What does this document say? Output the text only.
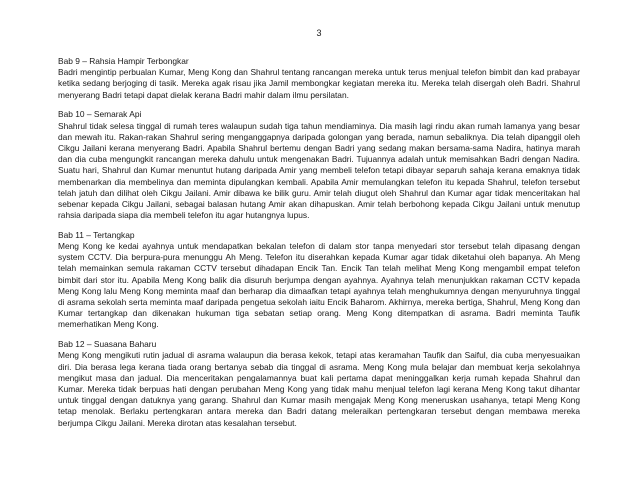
3
Bab 9 – Rahsia Hampir Terbongkar

Badri mengintip perbualan Kumar, Meng Kong dan Shahrul tentang rancangan mereka untuk terus menjual telefon bimbit dan kad prabayar ketika sedang berjoging di tasik. Mereka agak risau jika Jamil membongkar kegiatan mereka itu. Mereka telah disergah oleh Badri. Shahrul menyerang Badri tetapi dapat dielak kerana Badri mahir dalam ilmu persilatan.

Bab 10 – Semarak Api

Shahrul tidak selesa tinggal di rumah teres walaupun sudah tiga tahun mendiaminya. Dia masih lagi rindu akan rumah lamanya yang besar dan mewah itu. Rakan-rakan Shahrul sering menganggapnya daripada golongan yang berada, namun sebaliknya. Dia telah dipanggil oleh Cikgu Jailani kerana menyerang Badri. Apabila Shahrul bertemu dengan Badri yang sedang makan bersama-sama Nadira, hatinya marah dan dia cuba mengungkit rancangan mereka dahulu untuk mengenakan Badri. Tujuannya adalah untuk memisahkan Badri dengan Nadira. Suatu hari, Shahrul dan Kumar menuntut hutang daripada Amir yang membeli telefon tetapi dibayar separuh sahaja kerana emaknya tidak membenarkan dia membelinya dan meminta dipulangkan kembali. Apabila Amir memulangkan telefon itu kepada Shahrul, telefon tersebut telah jatuh dan dilihat oleh Cikgu Jailani. Amir dibawa ke bilik guru. Amir telah diugut oleh Shahrul dan Kumar agar tidak menceritakan hal sebenar kepada Cikgu Jailani, sebagai balasan hutang Amir akan dihapuskan. Amir telah berbohong kepada Cikgu Jailani untuk menutup rahsia daripada siapa dia membeli telefon itu agar hutangnya lupus.

Bab 11 – Tertangkap

Meng Kong ke kedai ayahnya untuk mendapatkan bekalan telefon di dalam stor tanpa menyedari stor tersebut telah dipasang dengan system CCTV. Dia berpura-pura menunggu Ah Meng. Telefon itu diserahkan kepada Kumar agar tidak diketahui oleh bapanya. Ah Meng telah memainkan semula rakaman CCTV tersebut dihadapan Encik Tan. Encik Tan telah melihat Meng Kong mengambil empat telefon bimbit dari stor itu. Apabila Meng Kong balik dia disuruh berjumpa dengan ayahnya. Ayahnya telah menunjukkan rakaman CCTV kepada Meng Kong lalu Meng Kong meminta maaf dan berharap dia dimaafkan tetapi ayahnya telah menghukumnya dengan menyuruhnya tinggal di asrama sekolah serta meminta maaf daripada pengetua sekolah iaitu Encik Baharom. Akhirnya, mereka bertiga, Shahrul, Meng Kong dan Kumar tertangkap dan dikenakan hukuman tiga sebatan setiap orang. Meng Kong ditempatkan di asrama. Badri meminta Taufik memerhatikan Meng Kong.

Bab 12 – Suasana Baharu

Meng Kong mengikuti rutin jadual di asrama walaupun dia berasa kekok, tetapi atas keramahan Taufik dan Saiful, dia cuba menyesuaikan diri. Dia berasa lega kerana tiada orang bertanya sebab dia tinggal di asrama. Meng Kong mula belajar dan membuat kerja sekolahnya mengikut masa dan jadual. Dia menceritakan pengalamannya buat kali pertama dapat meninggalkan kerja rumah kepada Shahrul dan Kumar. Mereka tidak berpuas hati dengan perubahan Meng Kong yang tidak mahu menjual telefon lagi kerana Meng Kong takut dihantar untuk tinggal dengan datuknya yang garang. Shahrul dan Kumar masih mengajak Meng Kong meneruskan usahanya, tetapi Meng Kong tetap menolak. Berlaku pertengkaran antara mereka dan Badri datang meleraikan pertengkaran tersebut dengan membawa mereka berjumpa Cikgu Jailani. Mereka dirotan atas kesalahan tersebut.
